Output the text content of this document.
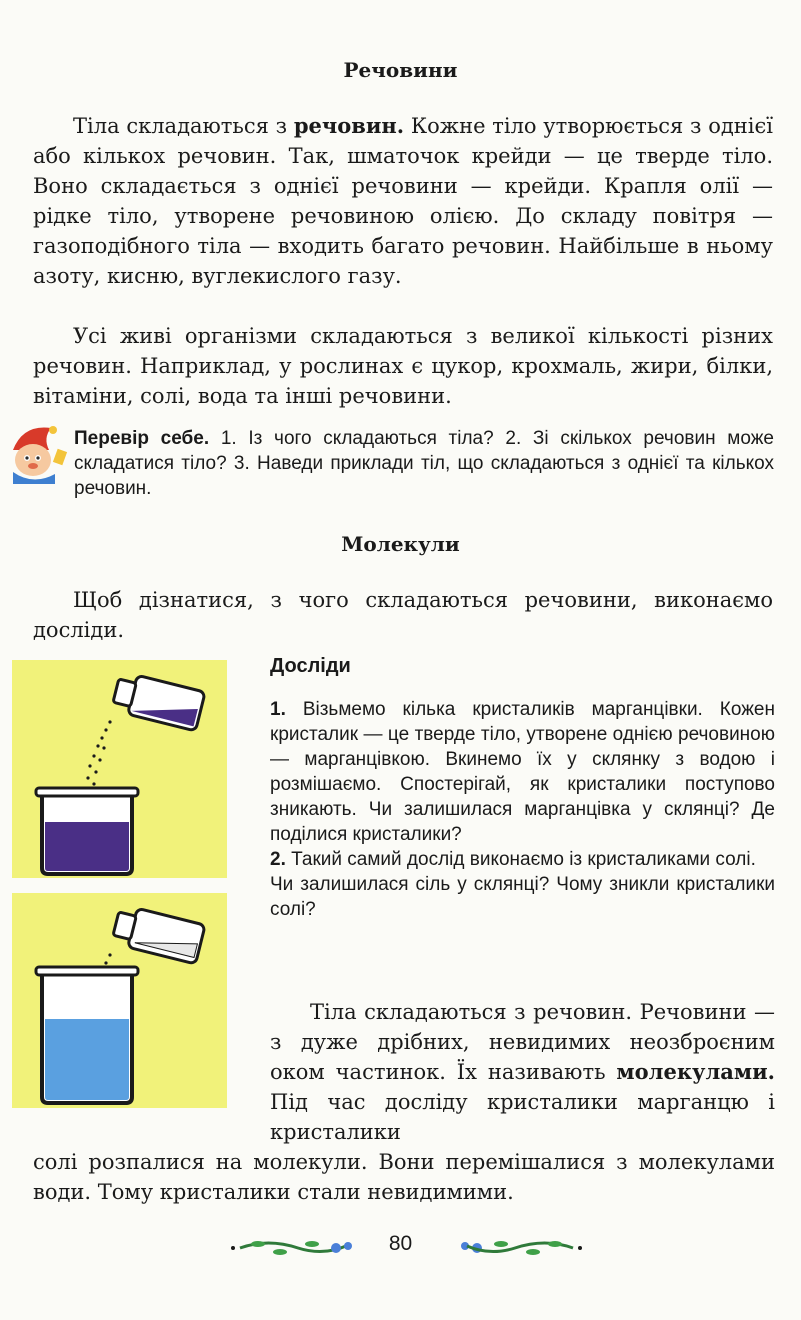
Речовини

Тіла складаються з речовин. Кожне тіло утворюється з однієї або кількох речовин. Так, шматочок крейди — це тверде тіло. Воно складається з однієї речовини — крейди. Крапля олії — рідке тіло, утворене речовиною олією. До складу повітря — газоподібного тіла — входить багато речовин. Найбільше в ньому азоту, кисню, вуглекислого газу.

Усі живі організми складаються з великої кількості різних речовин. Наприклад, у рослинах є цукор, крохмаль, жири, білки, вітаміни, солі, вода та інші речовини.

Перевір себе. 1. Із чого складаються тіла? 2. Зі скількох речовин може складатися тіло? 3. Наведи приклади тіл, що складаються з однієї та кількох речовин.

Молекули

Щоб дізнатися, з чого складаються речовини, виконаємо досліди.

Досліди

1. Візьмемо кілька кристаликів марганцівки. Кожен кристалик — це тверде тіло, утворене однією речовиною — марганцівкою. Вкинемо їх у склянку з водою і розмішаємо. Спостерігай, як кристалики поступово зникають. Чи залишилася марганцівка у склянці? Де поділися кристалики?

2. Такий самий дослід виконаємо із кристаликами солі.

Чи залишилася сіль у склянці? Чому зникли кристалики солі?

Тіла складаються з речовин. Речовини — з дуже дрібних, невидимих неозброєним оком частинок. Їх називають молекулами. Під час досліду кристалики марганцю і кристалики

солі розпалися на молекули. Вони перемішалися з молекулами води. Тому кристалики стали невидимими.

80
